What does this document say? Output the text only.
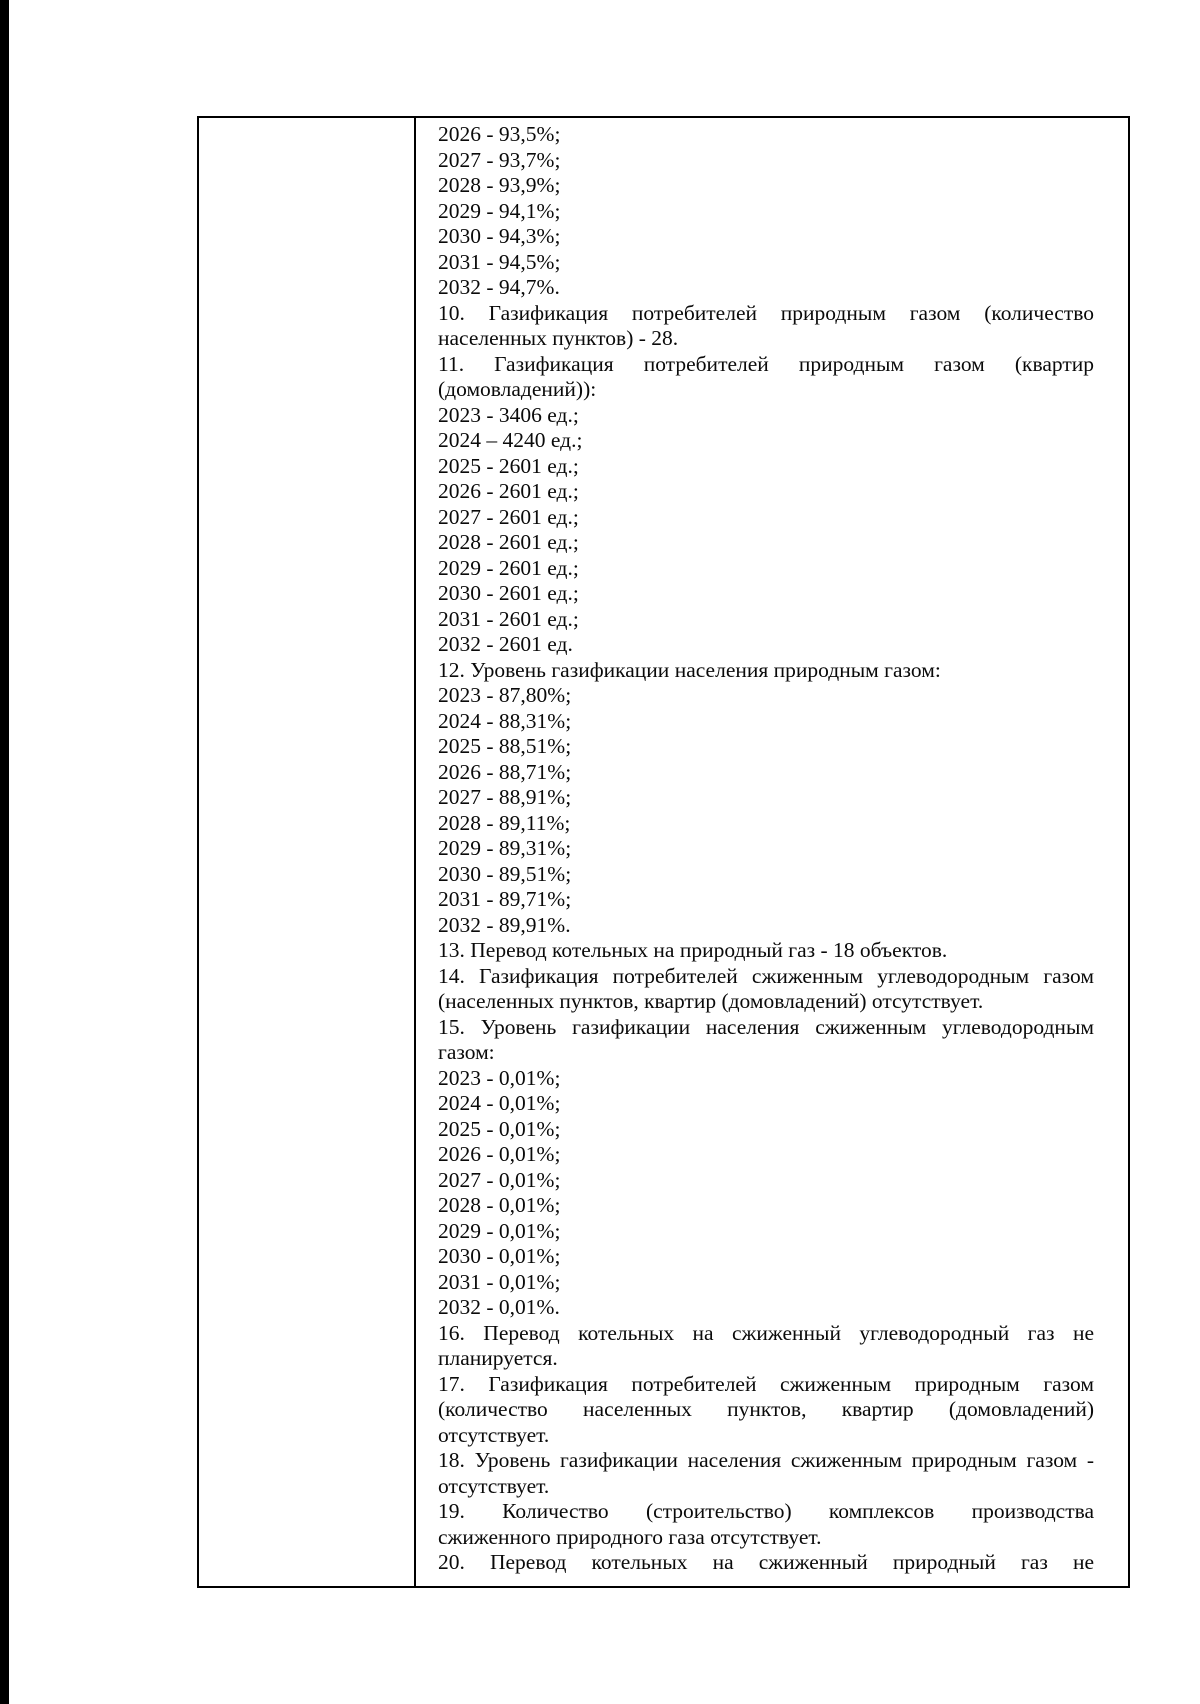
2026 - 93,5%;
2027 - 93,7%;
2028 - 93,9%;
2029 - 94,1%;
2030 - 94,3%;
2031 - 94,5%;
2032 - 94,7%.
10. Газификация потребителей природным газом (количество
населенных пунктов) - 28.
11. Газификация потребителей природным газом (квартир
(домовладений)):
2023 - 3406 ед.;
2024 – 4240 ед.;
2025 - 2601 ед.;
2026 - 2601 ед.;
2027 - 2601 ед.;
2028 - 2601 ед.;
2029 - 2601 ед.;
2030 - 2601 ед.;
2031 - 2601 ед.;
2032 - 2601 ед.
12. Уровень газификации населения природным газом:
2023 - 87,80%;
2024 - 88,31%;
2025 - 88,51%;
2026 - 88,71%;
2027 - 88,91%;
2028 - 89,11%;
2029 - 89,31%;
2030 - 89,51%;
2031 - 89,71%;
2032 - 89,91%.
13. Перевод котельных на природный газ - 18 объектов.
14. Газификация потребителей сжиженным углеводородным газом
(населенных пунктов, квартир (домовладений) отсутствует.
15. Уровень газификации населения сжиженным углеводородным
газом:
2023 - 0,01%;
2024 - 0,01%;
2025 - 0,01%;
2026 - 0,01%;
2027 - 0,01%;
2028 - 0,01%;
2029 - 0,01%;
2030 - 0,01%;
2031 - 0,01%;
2032 - 0,01%.
16. Перевод котельных на сжиженный углеводородный газ не
планируется.
17. Газификация потребителей сжиженным природным газом
(количество населенных пунктов, квартир (домовладений)
отсутствует.
18. Уровень газификации населения сжиженным природным газом -
отсутствует.
19. Количество (строительство) комплексов производства
сжиженного природного газа отсутствует.
20. Перевод котельных на сжиженный природный газ не
